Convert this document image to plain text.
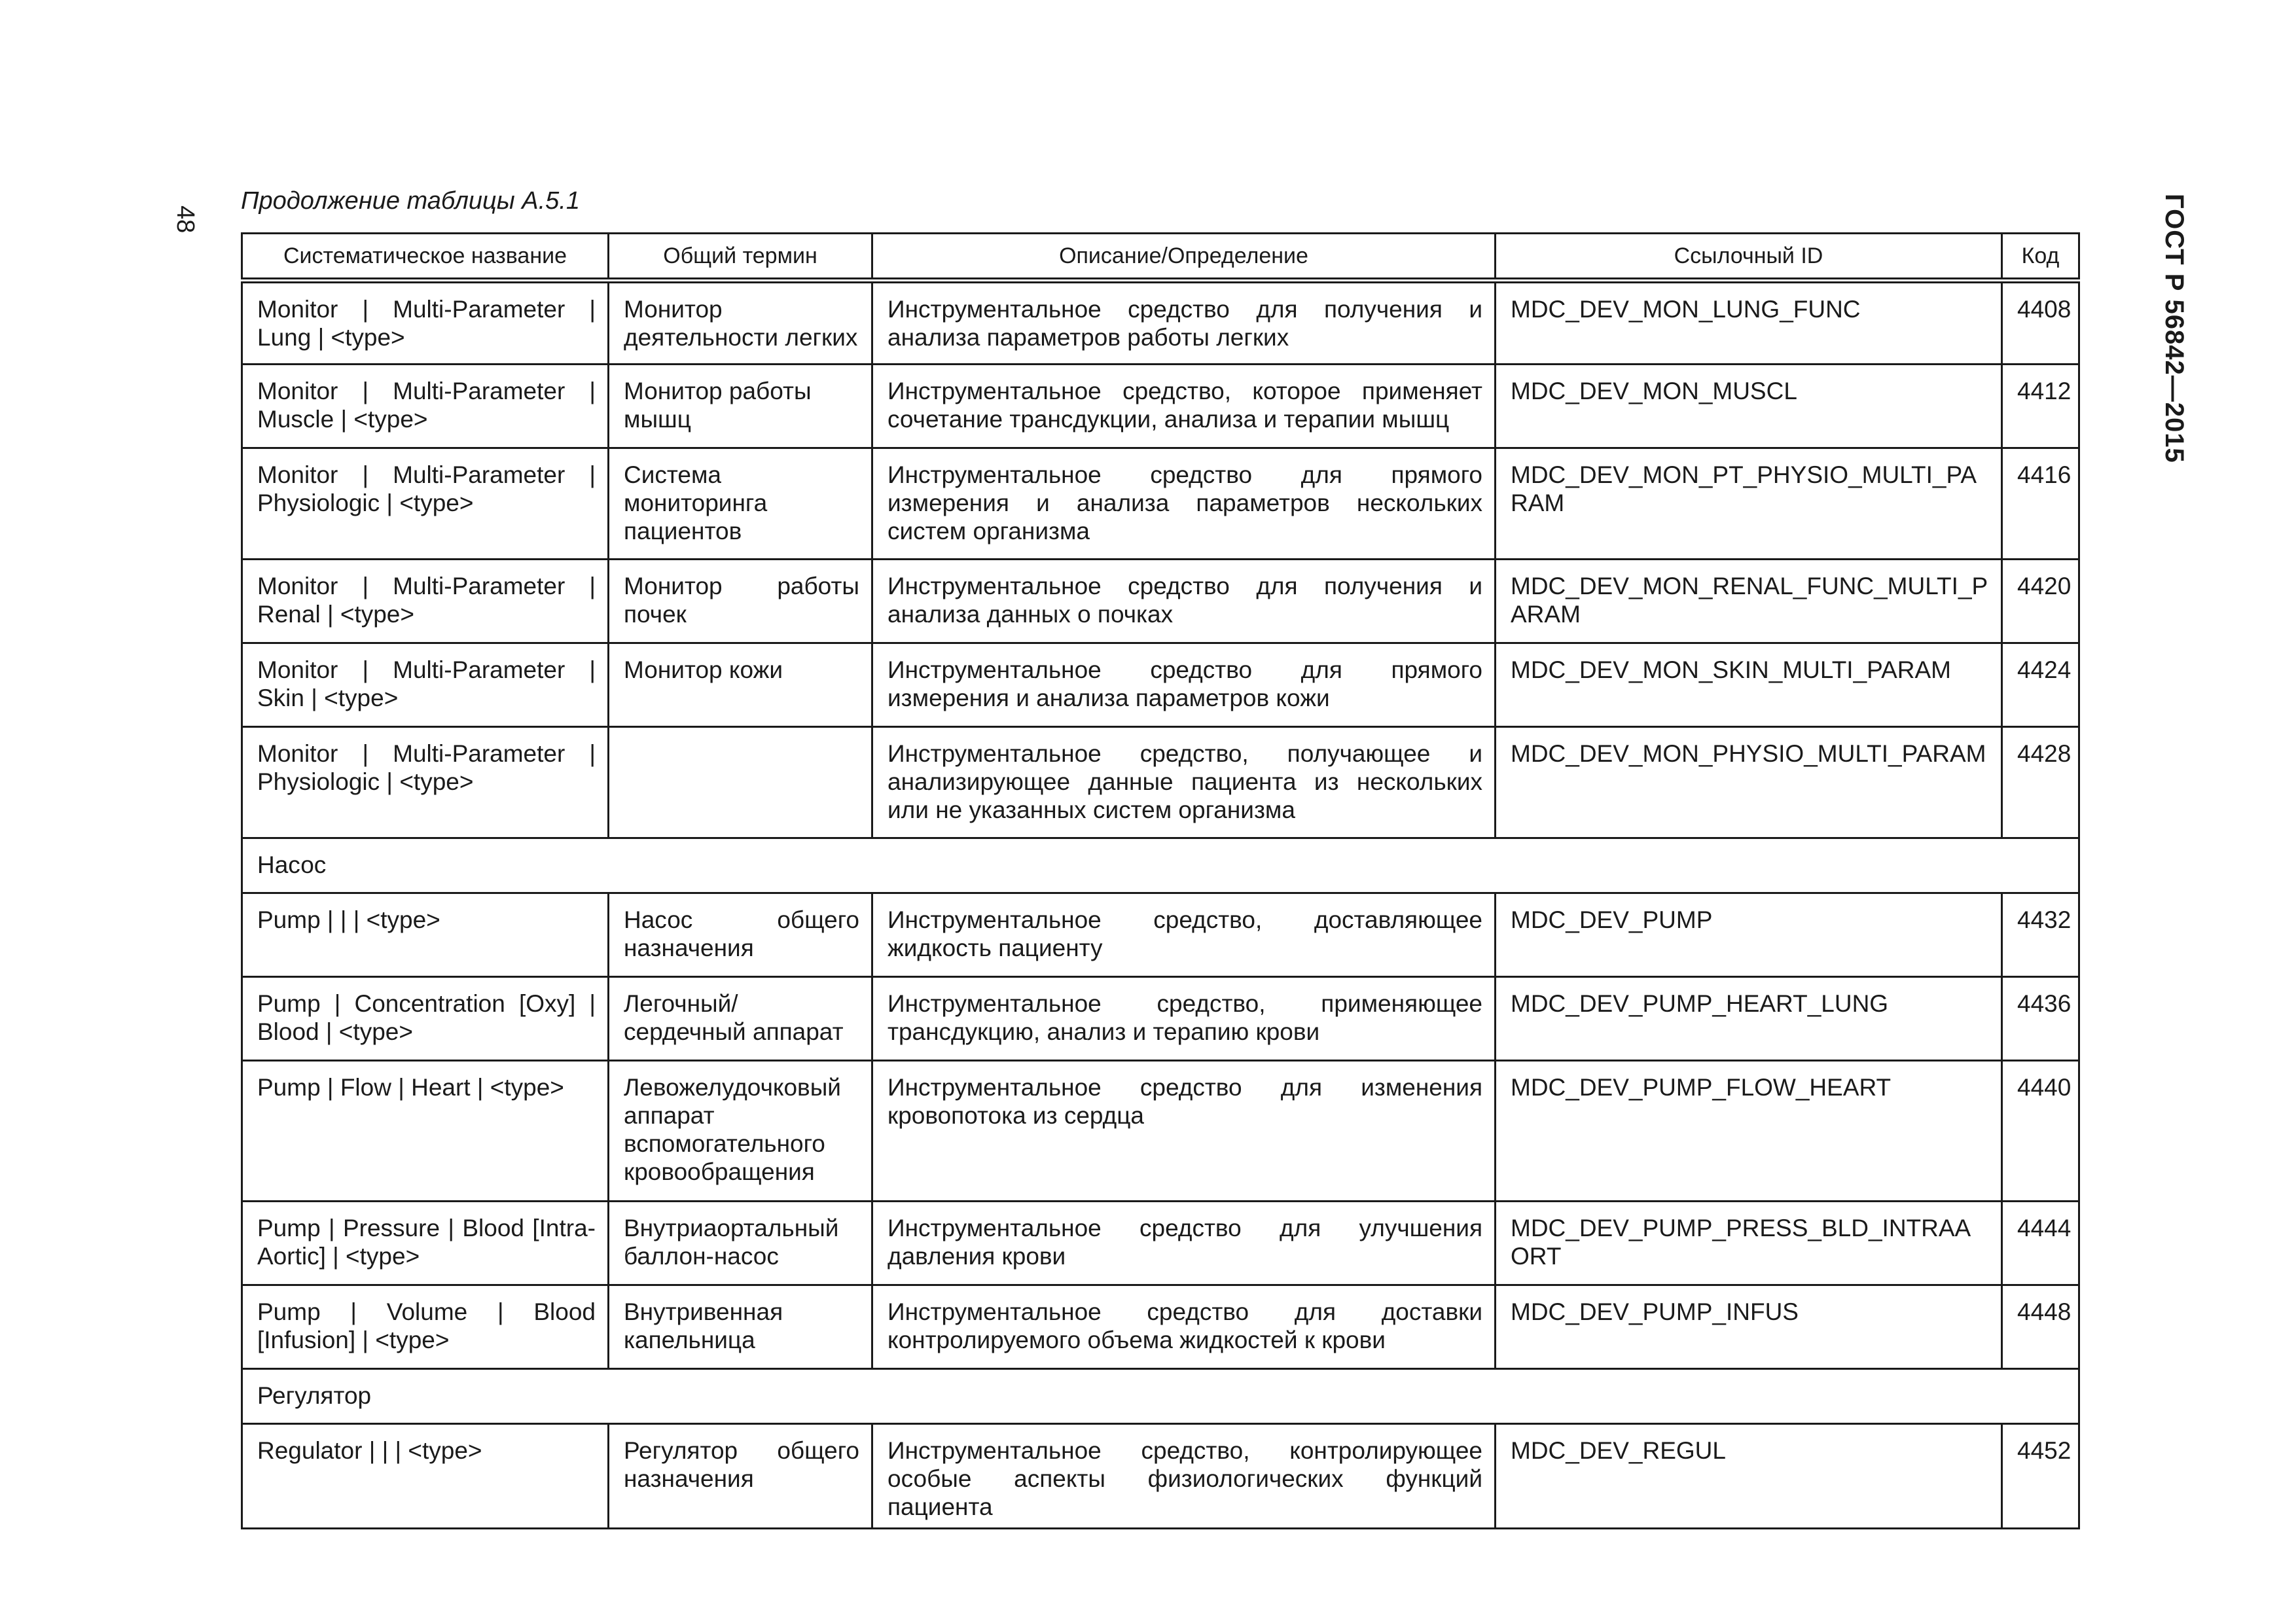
48
Продолжение таблицы А.5.1	ГОСТ Р 56842—2015
Систематическое название	Общий термин	Описание/Определение	Ссылочный ID	Код
Monitor | Multi-Parameter | Lung | <type>	Монитор деятельности легких	Инструментальное средство для получения и анализа параметров работы легких	MDC_DEV_MON_LUNG_FUNC	4408
Monitor | Multi-Parameter | Muscle | <type>	Монитор работы мышц	Инструментальное средство, которое применяет сочетание трансдукции, анализа и терапии мышц	MDC_DEV_MON_MUSCL	4412
Monitor | Multi-Parameter | Physiologic | <type>	Система мониторинга пациентов	Инструментальное средство для прямого измерения и анализа параметров нескольких систем организма	MDC_DEV_MON_PT_PHYSIO_MULTI_PARAM	4416
Monitor | Multi-Parameter | Renal | <type>	Монитор работы почек	Инструментальное средство для получения и анализа данных о почках	MDC_DEV_MON_RENAL_FUNC_MULTI_PARAM	4420
Monitor | Multi-Parameter | Skin | <type>	Монитор кожи	Инструментальное средство для прямого измерения и анализа параметров кожи	MDC_DEV_MON_SKIN_MULTI_PARAM	4424
Monitor | Multi-Parameter | Physiologic | <type>		Инструментальное средство, получающее и анализирующее данные пациента из нескольких или не указанных систем организма	MDC_DEV_MON_PHYSIO_MULTI_PARAM	4428
Насос				
Pump | | | <type>	Насос общего назначения	Инструментальное средство, доставляющее жидкость пациенту	MDC_DEV_PUMP	4432
Pump | Concentration [Oxy] | Blood | <type>	Легочный/ сердечный аппарат	Инструментальное средство, применяющее трансдукцию, анализ и терапию крови	MDC_DEV_PUMP_HEART_LUNG	4436
Pump | Flow | Heart | <type>	Левожелудочковый аппарат вспомогательного кровообращения	Инструментальное средство для изменения кровопотока из сердца	MDC_DEV_PUMP_FLOW_HEART	4440
Pump | Pressure | Blood [Intra-Aortic] | <type>	Внутриаортальный баллон-насос	Инструментальное средство для улучшения давления крови	MDC_DEV_PUMP_PRESS_BLD_INTRAAORT	4444
Pump | Volume | Blood [Infusion] | <type>	Внутривенная капельница	Инструментальное средство для доставки контролируемого объема жидкостей к крови	MDC_DEV_PUMP_INFUS	4448
Регулятор				
Regulator | | | <type>	Регулятор общего назначения	Инструментальное средство, контролирующее особые аспекты физиологических функций пациента	MDC_DEV_REGUL	4452
